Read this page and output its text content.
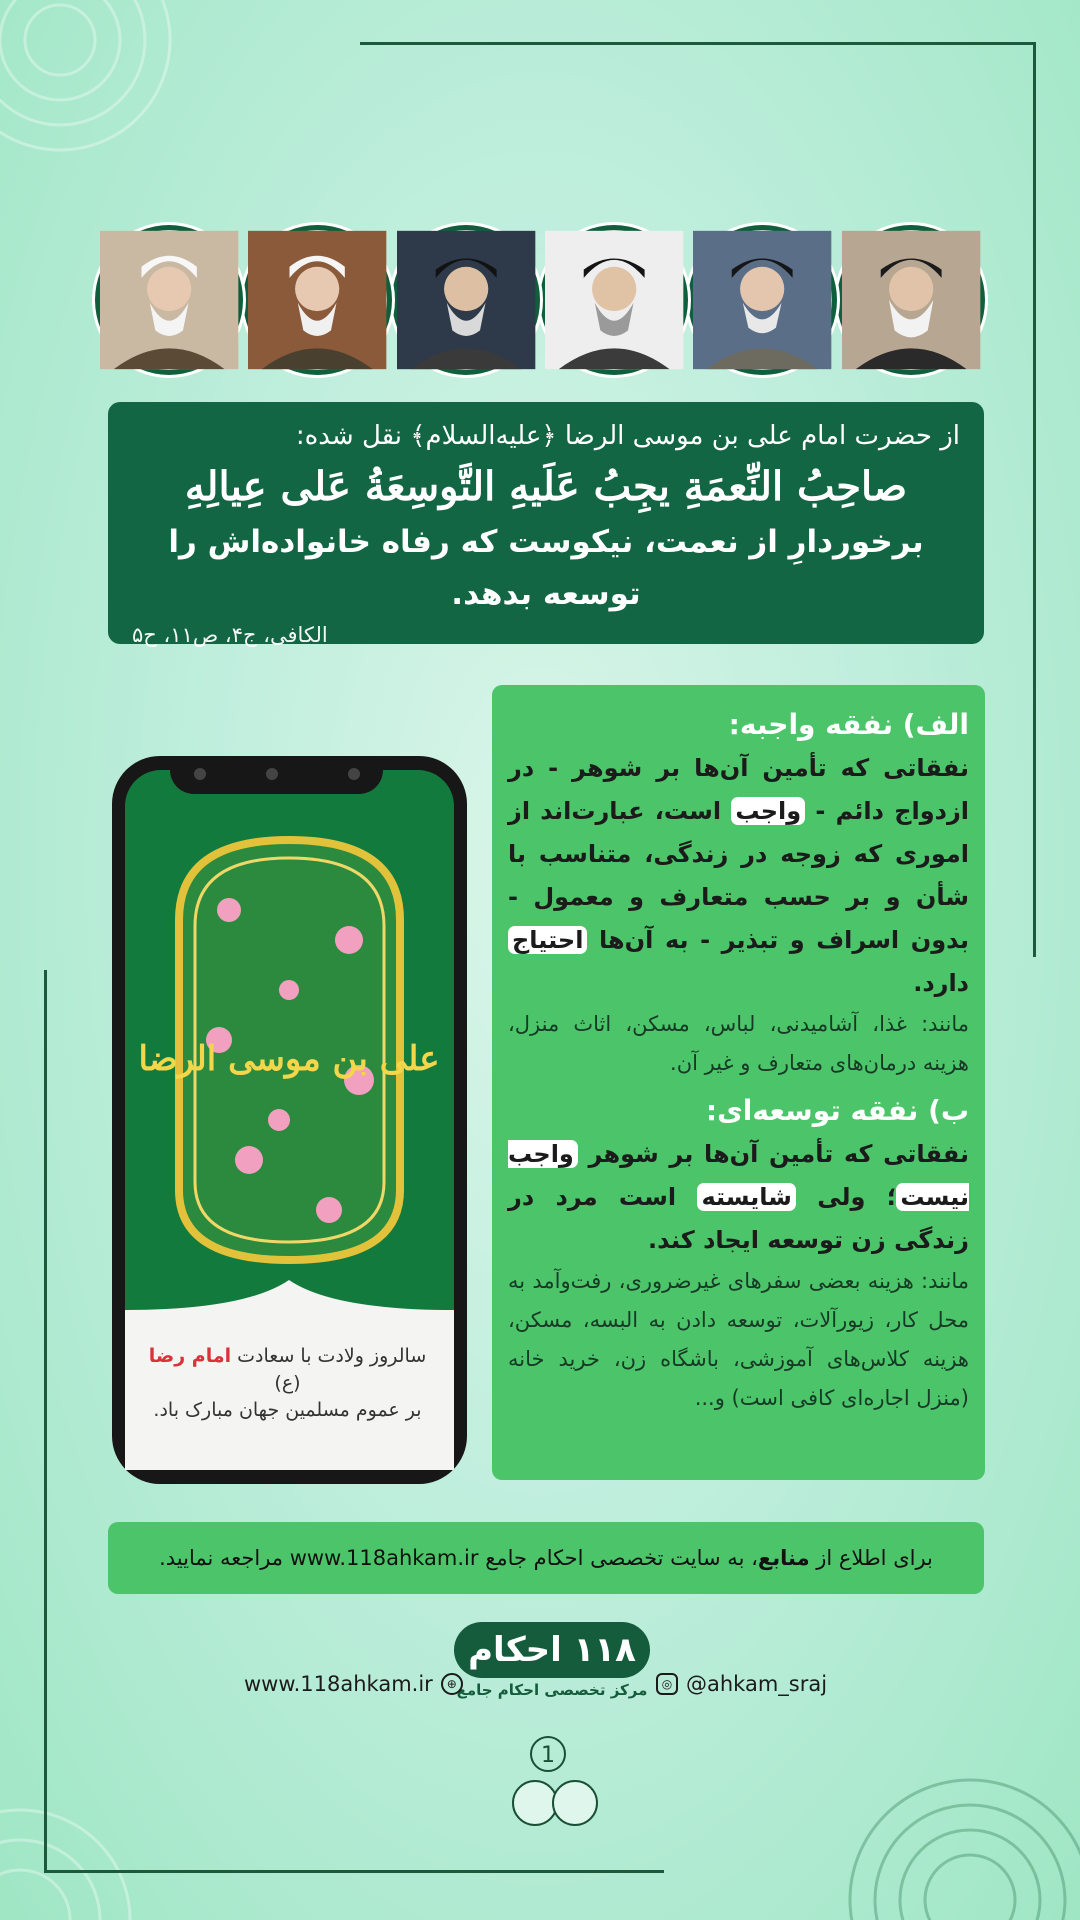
از حضرت امام علی بن موسی الرضا ﴿علیه‌السلام﴾ نقل شده:
صاحِبُ النِّعمَةِ یجِبُ عَلَیهِ التَّوسِعَةُ عَلی عِیالِهِ
برخوردارِ از نعمت، نیکوست که رفاه خانواده‌اش را توسعه بدهد.
الکافی، ج۴، ص۱۱، ح۵
الف) نفقه واجبه:
نفقاتی که تأمین آن‌ها بر شوهر - در ازدواج دائم - واجب است، عبارت‌اند از اموری که زوجه در زندگی، متناسب با شأن و بر حسب متعارف و معمول - بدون اسراف و تبذیر - به آن‌ها احتیاج دارد.
مانند: غذا، آشامیدنی، لباس، مسکن، اثاث منزل، هزینه درمان‌های متعارف و غیر آن.
ب) نفقه توسعه‌ای:
نفقاتی که تأمین آن‌ها بر شوهر واجب نیست؛ ولی شایسته است مرد در زندگی زن توسعه ایجاد کند.
مانند: هزینه بعضی سفرهای غیرضروری، رفت‌وآمد به محل کار، زیورآلات، توسعه دادن به البسه، مسکن، هزینه کلاس‌های آموزشی، باشگاه زن، خرید خانه (منزل اجاره‌ای کافی است) و...
علی بن موسی الرضا
سالروز ولادت با سعادت امام رضا (ع)
بر عموم مسلمین جهان مبارک باد.
برای اطلاع از منابع، به سایت تخصصی احکام جامع www.118ahkam.ir مراجعه نمایید.
۱۱۸ احکام
مرکز تخصصی احکام جامع
www.118ahkam.ir	⊕	◎ @ahkam_sraj
1
